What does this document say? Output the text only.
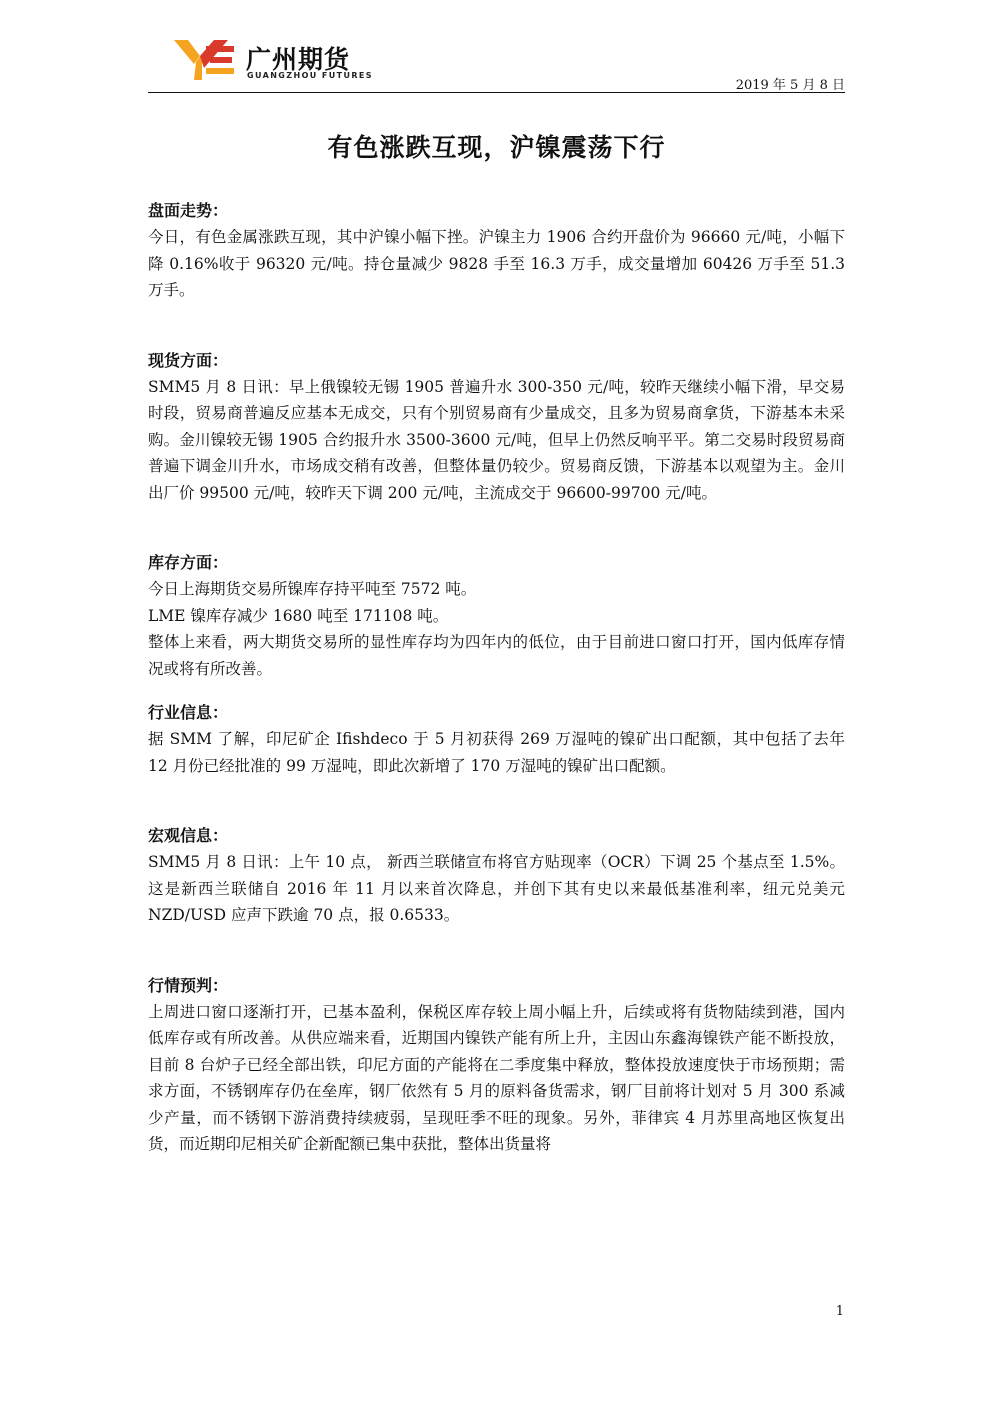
广州期货
GUANGZHOU FUTURES
2019 年 5 月 8 日
有色涨跌互现，沪镍震荡下行
盘面走势 ：

今日，有色金属涨跌互现，其中沪镍小幅下挫。沪镍主力 1906 合约开盘价为 96660 元/吨，小幅下降 0.16%收于 96320 元/吨。持仓量减少 9828 手至 16.3 万手，成交量增加 60426 万手至 51.3 万手。

现货方面 ：

SMM5 月 8 日讯：早上俄镍较无锡 1905 普遍升水 300-350 元/吨，较昨天继续小幅下滑，早交易时段，贸易商普遍反应基本无成交，只有个别贸易商有少量成交，且多为贸易商拿货，下游基本未采购。金川镍较无锡 1905 合约报升水 3500-3600 元/吨，但早上仍然反响平平。第二交易时段贸易商普遍下调金川升水，市场成交稍有改善，但整体量仍较少。贸易商反馈，下游基本以观望为主。金川出厂价 99500 元/吨，较昨天下调 200 元/吨，主流成交于 96600-99700 元/吨。

库存方面 ：

今日上海期货交易所镍库存持平吨至 7572 吨。

LME 镍库存减少 1680 吨至 171108 吨。

整体上来看，两大期货交易所的显性库存均为四年内的低位，由于目前进口窗口打开，国内低库存情况或将有所改善。

行业信息 ：

据 SMM 了解，印尼矿企 Ifishdeco 于 5 月初获得 269 万湿吨的镍矿出口配额，其中包括了去年 12 月份已经批准的 99 万湿吨，即此次新增了 170 万湿吨的镍矿出口配额。

宏观信息 ：

SMM5 月 8 日讯：上午 10 点， 新西兰联储宣布将官方贴现率（OCR）下调 25 个基点至 1.5%。这是新西兰联储自 2016 年 11 月以来首次降息，并创下其有史以来最低基准利率，纽元兑美元 NZD/USD 应声下跌逾 70 点，报 0.6533。

行情预判 ：

上周进口窗口逐渐打开，已基本盈利，保税区库存较上周小幅上升，后续或将有货物陆续到港，国内低库存或有所改善。从供应端来看，近期国内镍铁产能有所上升，主因山东鑫海镍铁产能不断投放，目前 8 台炉子已经全部出铁，印尼方面的产能将在二季度集中释放，整体投放速度快于市场预期；需求方面，不锈钢库存仍在垒库，钢厂依然有 5 月的原料备货需求，钢厂目前将计划对 5 月 300 系减少产量，而不锈钢下游消费持续疲弱，呈现旺季不旺的现象。另外，菲律宾 4 月苏里高地区恢复出货，而近期印尼相关矿企新配额已集中获批，整体出货量将

1
